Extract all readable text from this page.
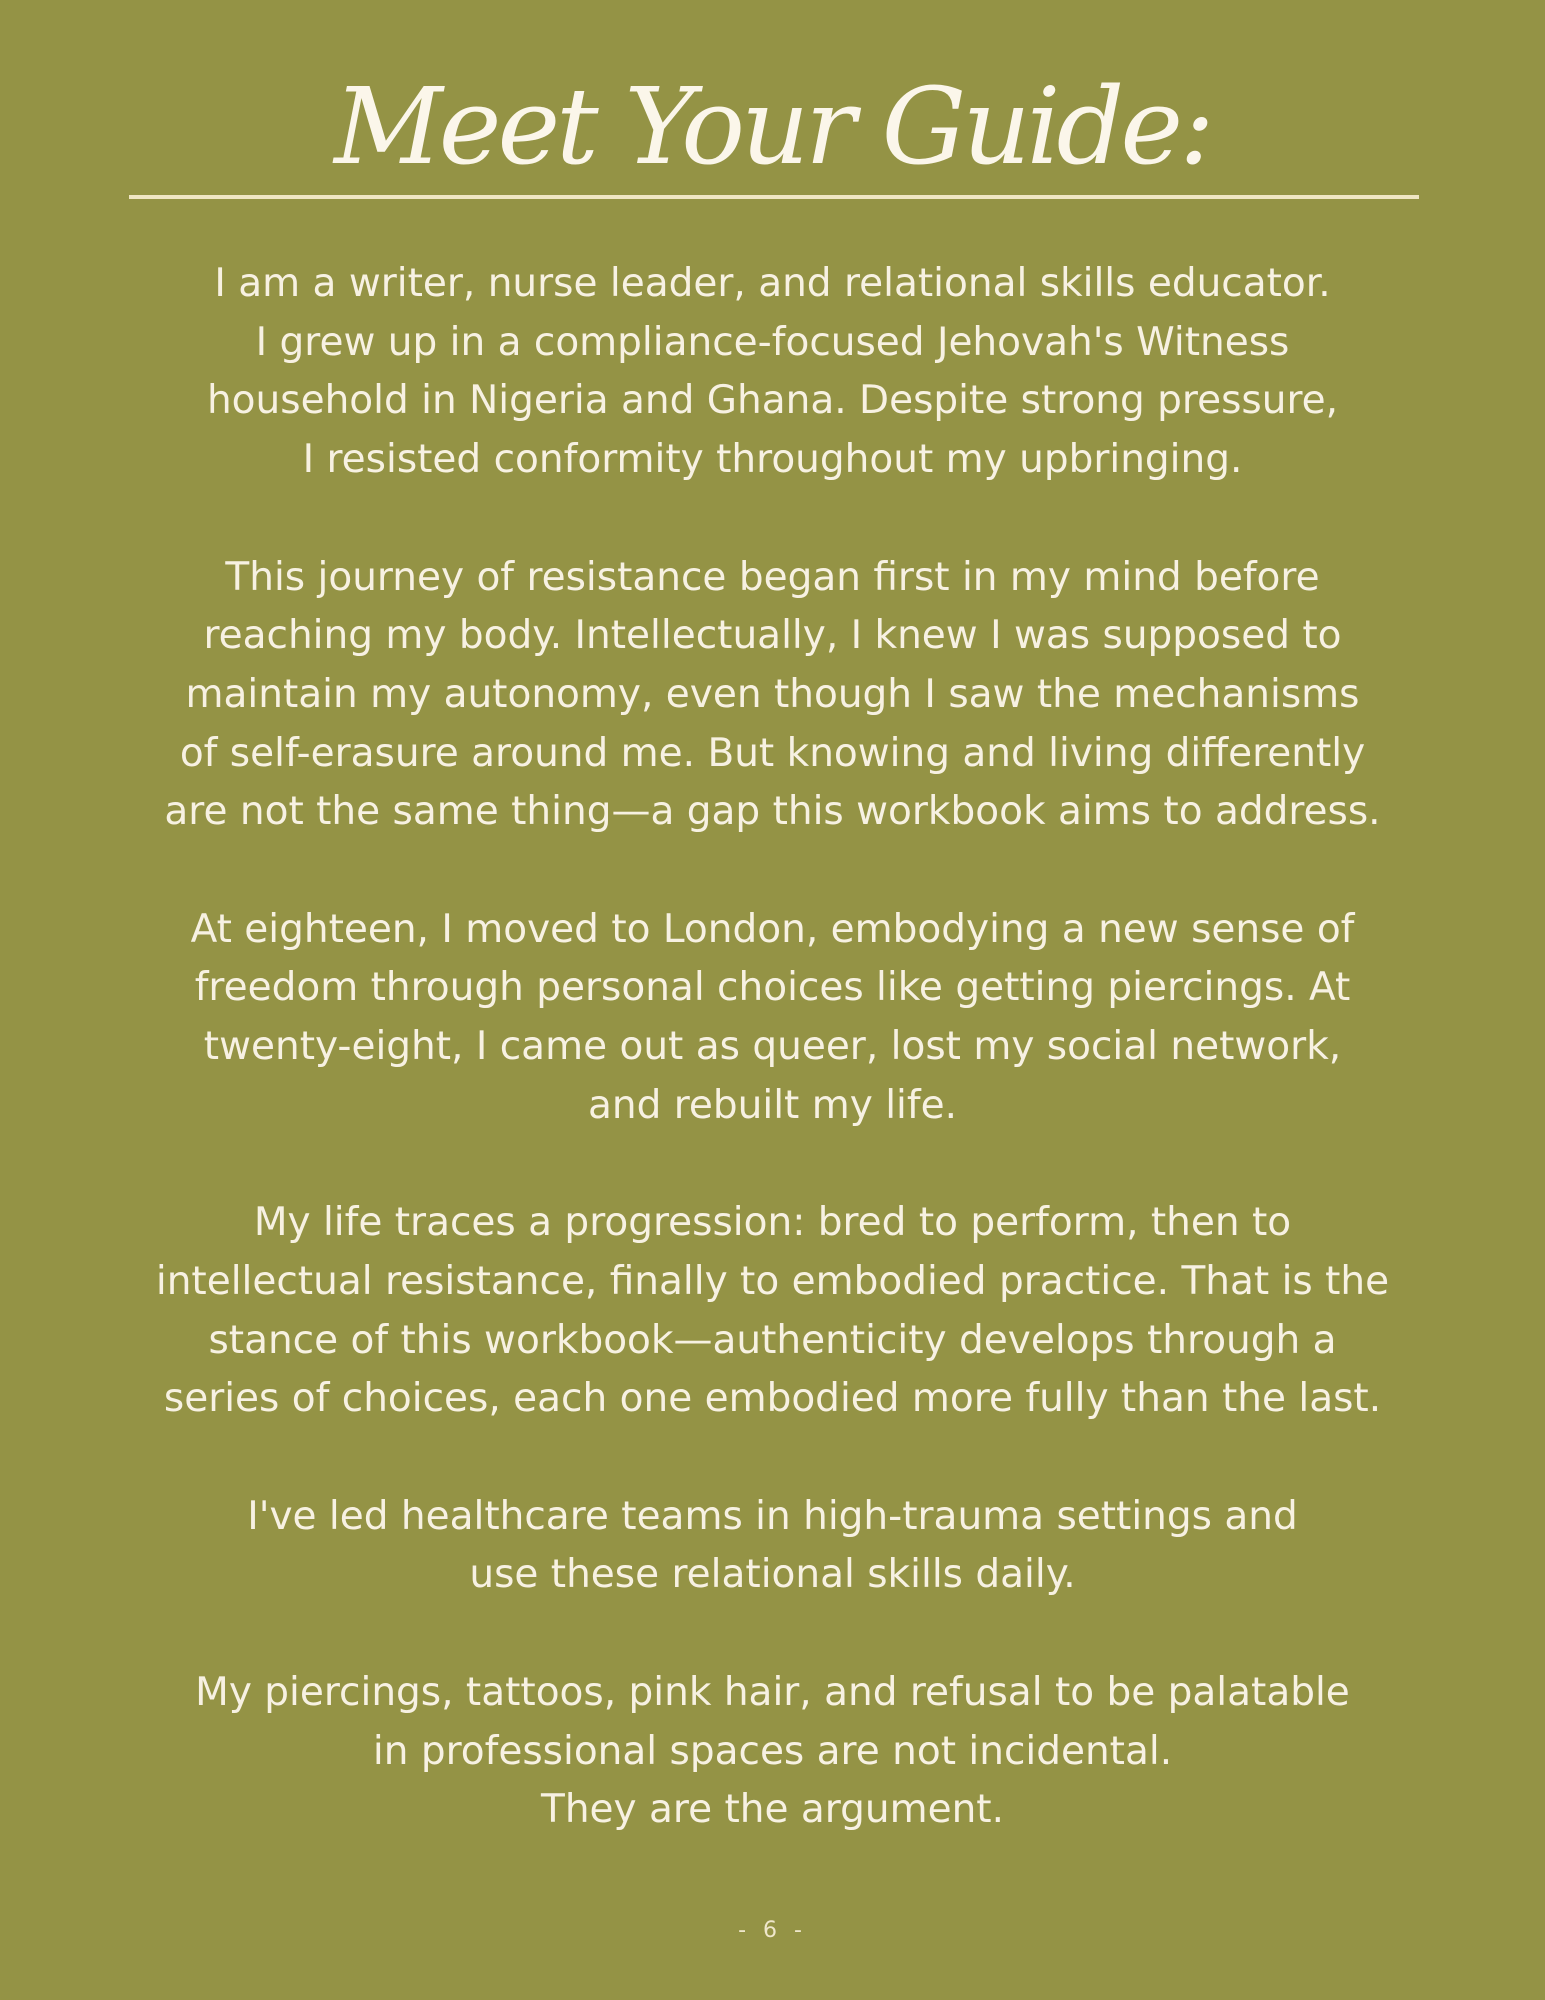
Meet Your Guide:

I am a writer, nurse leader, and relational skills educator.
I grew up in a compliance-focused Jehovah's Witness
household in Nigeria and Ghana. Despite strong pressure,
I resisted conformity throughout my upbringing.

This journey of resistance began first in my mind before
reaching my body. Intellectually, I knew I was supposed to
maintain my autonomy, even though I saw the mechanisms
of self-erasure around me. But knowing and living differently
are not the same thing—a gap this workbook aims to address.

At eighteen, I moved to London, embodying a new sense of
freedom through personal choices like getting piercings. At
twenty-eight, I came out as queer, lost my social network,
and rebuilt my life.

My life traces a progression: bred to perform, then to
intellectual resistance, finally to embodied practice. That is the
stance of this workbook—authenticity develops through a
series of choices, each one embodied more fully than the last.

I've led healthcare teams in high-trauma settings and
use these relational skills daily.

My piercings, tattoos, pink hair, and refusal to be palatable
in professional spaces are not incidental.
They are the argument.

- 6 -
